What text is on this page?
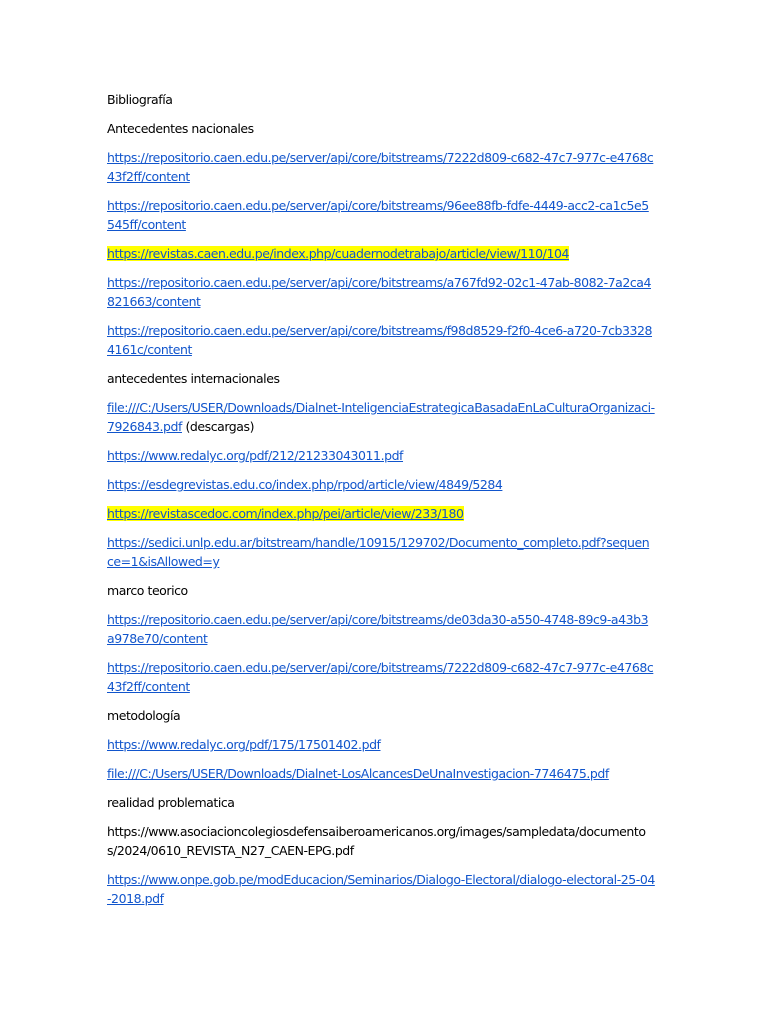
Bibliografía

Antecedentes nacionales

https://repositorio.caen.edu.pe/server/api/core/bitstreams/7222d809-c682-47c7-977c-e4768c43f2ff/content

https://repositorio.caen.edu.pe/server/api/core/bitstreams/96ee88fb-fdfe-4449-acc2-ca1c5e5545ff/content

https://revistas.caen.edu.pe/index.php/cuadernodetrabajo/article/view/110/104

https://repositorio.caen.edu.pe/server/api/core/bitstreams/a767fd92-02c1-47ab-8082-7a2ca4821663/content

https://repositorio.caen.edu.pe/server/api/core/bitstreams/f98d8529-f2f0-4ce6-a720-7cb33284161c/content

antecedentes internacionales

file:///C:/Users/USER/Downloads/Dialnet-InteligenciaEstrategicaBasadaEnLaCulturaOrganizaci-7926843.pdf (descargas)

https://www.redalyc.org/pdf/212/21233043011.pdf

https://esdegrevistas.edu.co/index.php/rpod/article/view/4849/5284

https://revistascedoc.com/index.php/pei/article/view/233/180

https://sedici.unlp.edu.ar/bitstream/handle/10915/129702/Documento_completo.pdf?sequence=1&isAllowed=y

marco teorico

https://repositorio.caen.edu.pe/server/api/core/bitstreams/de03da30-a550-4748-89c9-a43b3a978e70/content

https://repositorio.caen.edu.pe/server/api/core/bitstreams/7222d809-c682-47c7-977c-e4768c43f2ff/content

metodología

https://www.redalyc.org/pdf/175/17501402.pdf

file:///C:/Users/USER/Downloads/Dialnet-LosAlcancesDeUnaInvestigacion-7746475.pdf

realidad problematica

https://www.asociacioncolegiosdefensaiberoamericanos.org/images/sampledata/documentos/2024/0610_REVISTA_N27_CAEN-EPG.pdf

https://www.onpe.gob.pe/modEducacion/Seminarios/Dialogo-Electoral/dialogo-electoral-25-04-2018.pdf
